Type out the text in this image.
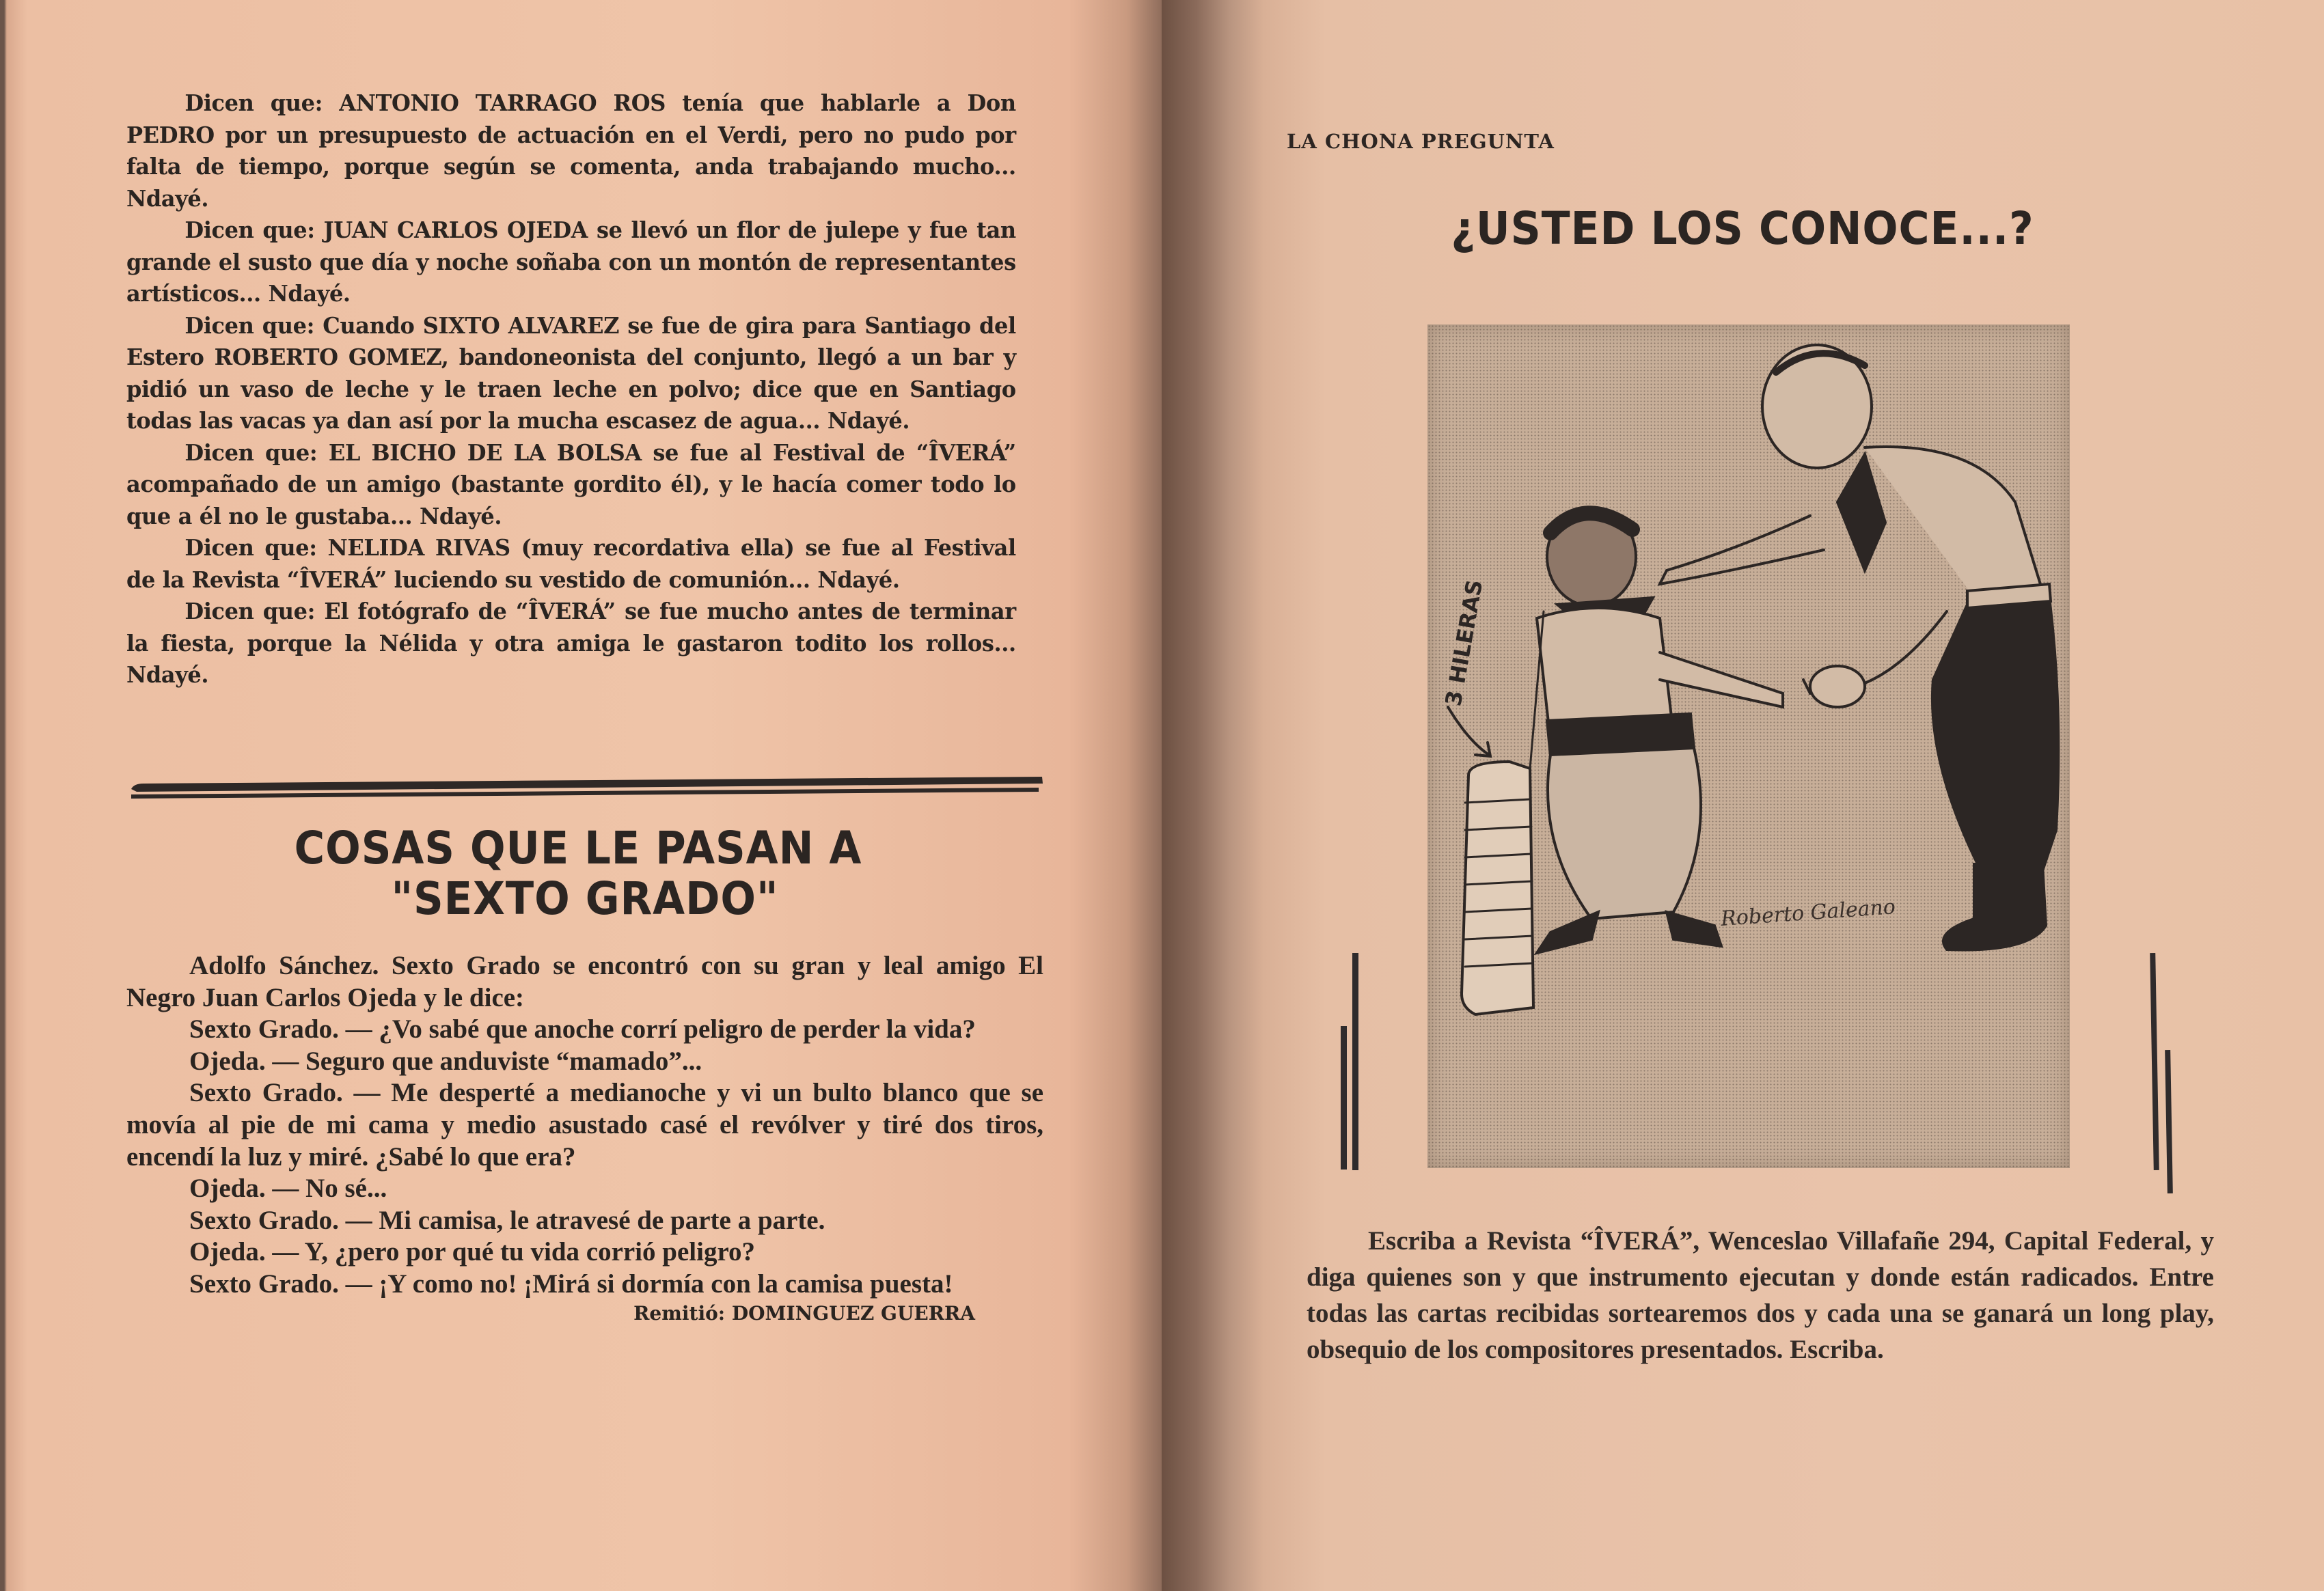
Dicen que: ANTONIO TARRAGO ROS tenía que hablarle a Don PEDRO por un presupuesto de actuación en el Verdi, pero no pudo por falta de tiempo, porque según se comenta, anda trabajando mucho... Ndayé.

Dicen que: JUAN CARLOS OJEDA se llevó un flor de julepe y fue tan grande el susto que día y noche soñaba con un montón de representantes artísticos... Ndayé.

Dicen que: Cuando SIXTO ALVAREZ se fue de gira para Santiago del Estero ROBERTO GOMEZ, bandoneonista del conjunto, llegó a un bar y pidió un vaso de leche y le traen leche en polvo; dice que en Santiago todas las vacas ya dan así por la mucha escasez de agua... Ndayé.

Dicen que: EL BICHO DE LA BOLSA se fue al Festival de “ÎVERÁ” acompañado de un amigo (bastante gordito él), y le hacía comer todo lo que a él no le gustaba... Ndayé.

Dicen que: NELIDA RIVAS (muy recordativa ella) se fue al Festival de la Revista “ÎVERÁ” luciendo su vestido de comunión... Ndayé.

Dicen que: El fotógrafo de “ÎVERÁ” se fue mucho antes de terminar la fiesta, porque la Nélida y otra amiga le gastaron todito los rollos... Ndayé.

COSAS QUE LE PASAN A
"SEXTO GRADO"

Adolfo Sánchez. Sexto Grado se encontró con su gran y leal amigo El Negro Juan Carlos Ojeda y le dice:

Sexto Grado. — ¿Vo sabé que anoche corrí peligro de perder la vida?

Ojeda. — Seguro que anduviste “mamado”...

Sexto Grado. — Me desperté a medianoche y vi un bulto blanco que se movía al pie de mi cama y medio asustado casé el revólver y tiré dos tiros, encendí la luz y miré. ¿Sabé lo que era?

Ojeda. — No sé...

Sexto Grado. — Mi camisa, le atravesé de parte a parte.

Ojeda. — Y, ¿pero por qué tu vida corrió peligro?

Sexto Grado. — ¡Y como no! ¡Mirá si dormía con la camisa puesta!

Remitió: DOMINGUEZ GUERRA
LA CHONA PREGUNTA
¿USTED LOS CONOCE...?
3 HILERAS
Roberto Galeano
Escriba a Revista “ÎVERÁ”, Wenceslao Villafañe 294, Capital Federal, y diga quienes son y que instrumento ejecutan y donde están radicados. Entre todas las cartas recibidas sortearemos dos y cada una se ganará un long play, obsequio de los compositores presentados. Escriba.
